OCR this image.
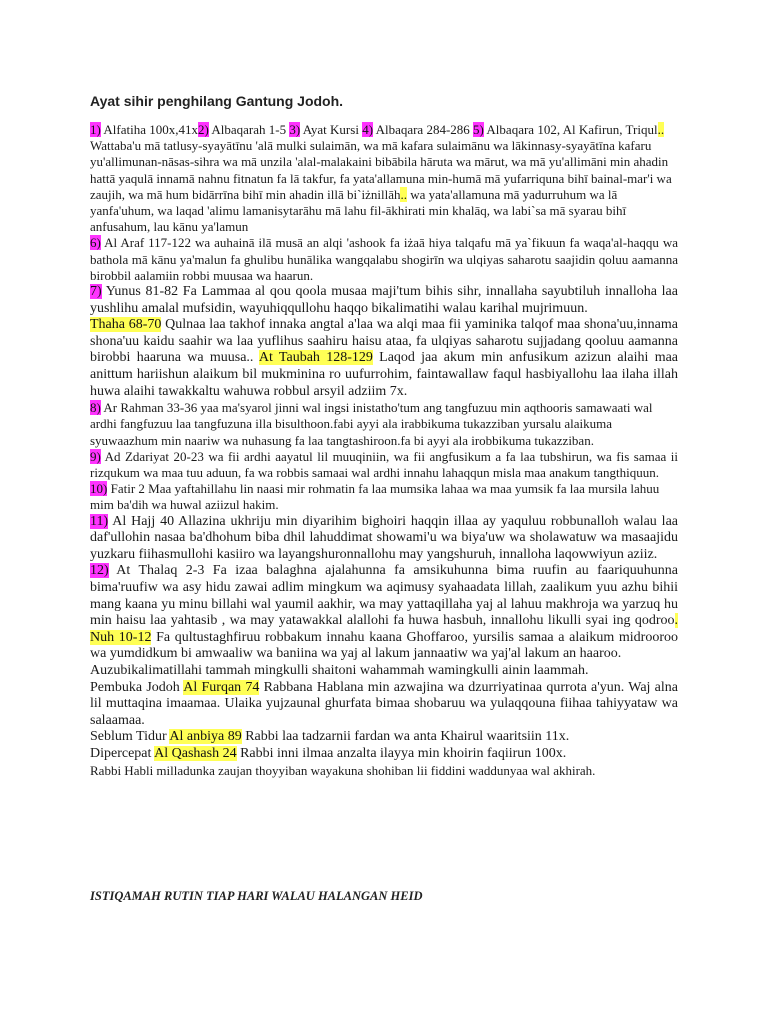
Ayat sihir penghilang Gantung Jodoh.

1) Alfatiha 100x,41x2) Albaqarah 1-5 3) Ayat Kursi 4) Albaqara 284-286 5) Albaqara 102, Al Kafirun, Triqul.. Wattaba'u mā tatlusy-syayātīnu 'alā mulki sulaimān, wa mā kafara sulaimānu wa lākinnasy-syayātīna kafaru yu'allimunan-nāsas-sihra wa mā unzila 'alal-malakaini bibābila hāruta wa mārut, wa mā yu'allimāni min ahadin hattā yaqulā innamā nahnu fitnatun fa lā takfur, fa yata'allamuna min-humā mā yufarriquna bihī bainal-mar'i wa zaujih, wa mā hum bidārrīna bihī min ahadin illā bi`iżnillāh.. wa yata'allamuna mā yadurruhum wa lā yanfa'uhum, wa laqad 'alimu lamanisytarāhu mā lahu fil-ākhirati min khalāq, wa labi`sa mā syarau bihī anfusahum, lau kānu ya'lamun

6) Al Araf 117-122 wa auhainā ilā musā an alqi 'ashook fa iżaā hiya talqafu mā ya`fikuun fa waqa'al-haqqu wa bathola mā kānu ya'malun fa ghulibu hunālika wangqalabu shogirīn wa ulqiyas saharotu saajidin qoluu aamanna birobbil aalamiin robbi muusaa wa haarun.

7) Yunus 81-82 Fa Lammaa al qou qoola musaa maji'tum bihis sihr, innallaha sayubtiluh innalloha laa yushlihu amalal mufsidin, wayuhiqqullohu haqqo bikalimatihi walau karihal mujrimuun.

Thaha 68-70 Qulnaa laa takhof innaka angtal a'laa wa alqi maa fii yaminika talqof maa shona'uu,innama shona'uu kaidu saahir wa laa yuflihus saahiru haisu ataa, fa ulqiyas saharotu sujjadang qooluu aamanna birobbi haaruna wa muusa.. At Taubah 128-129 Laqod jaa akum min anfusikum azizun alaihi maa anittum hariishun alaikum bil mukminina ro uufurrohim, faintawallaw faqul hasbiyallohu laa ilaha illah huwa alaihi tawakkaltu wahuwa robbul arsyil adziim 7x.

8) Ar Rahman 33-36 yaa ma'syarol jinni wal ingsi inistatho'tum ang tangfuzuu min aqthooris samawaati wal ardhi fangfuzuu laa tangfuzuna illa bisulthoon.fabi ayyi ala irabbikuma tukazziban yursalu alaikuma syuwaazhum min naariw wa nuhasung fa laa tangtashiroon.fa bi ayyi ala irobbikuma tukazziban.

9) Ad Zdariyat 20-23 wa fii ardhi aayatul lil muuqiniin, wa fii angfusikum a fa laa tubshirun, wa fis samaa ii rizqukum wa maa tuu aduun, fa wa robbis samaai wal ardhi innahu lahaqqun misla maa anakum tangthiquun.

10) Fatir 2 Maa yaftahillahu lin naasi mir rohmatin fa laa mumsika lahaa wa maa yumsik fa laa mursila lahuu mim ba'dih wa huwal aziizul hakim.

11) Al Hajj 40 Allazina ukhriju min diyarihim bighoiri haqqin illaa ay yaquluu robbunalloh walau laa daf'ullohin nasaa ba'dhohum biba dhil lahuddimat showami'u wa biya'uw wa sholawatuw wa masaajidu yuzkaru fiihasmullohi kasiiro wa layangshuronnallohu may yangshuruh, innalloha laqowwiyun aziiz.

12) At Thalaq 2-3 Fa izaa balaghna ajalahunna fa amsikuhunna bima ruufin au faariquuhunna bima'ruufiw wa asy hidu zawai adlim mingkum wa aqimusy syahaadata lillah, zaalikum yuu azhu bihii mang kaana yu minu billahi wal yaumil aakhir, wa may yattaqillaha yaj al lahuu makhroja wa yarzuq hu min haisu laa yahtasib , wa may yatawakkal alallohi fa huwa hasbuh, innallohu likulli syai ing qodroo. Nuh 10-12 Fa qultustaghfiruu robbakum innahu kaana Ghoffaroo, yursilis samaa a alaikum midrooroo wa yumdidkum bi amwaaliw wa baniina wa yaj al lakum jannaatiw wa yaj'al lakum an haaroo.

Auzubikalimatillahi tammah mingkulli shaitoni wahammah wamingkulli ainin laammah.

Pembuka Jodoh Al Furqan 74 Rabbana Hablana min azwajina wa dzurriyatinaa qurrota a'yun. Waj alna lil muttaqina imaamaa. Ulaika yujzaunal ghurfata bimaa shobaruu wa yulaqqouna fiihaa tahiyyataw wa salaamaa.

Seblum Tidur Al anbiya 89 Rabbi laa tadzarnii fardan wa anta Khairul waaritsiin 11x.

Dipercepat Al Qashash 24 Rabbi inni ilmaa anzalta ilayya min khoirin faqiirun 100x.

Rabbi Habli milladunka zaujan thoyyiban wayakuna shohiban lii fiddini waddunyaa wal akhirah.

ISTIQAMAH RUTIN TIAP HARI WALAU HALANGAN HEID
